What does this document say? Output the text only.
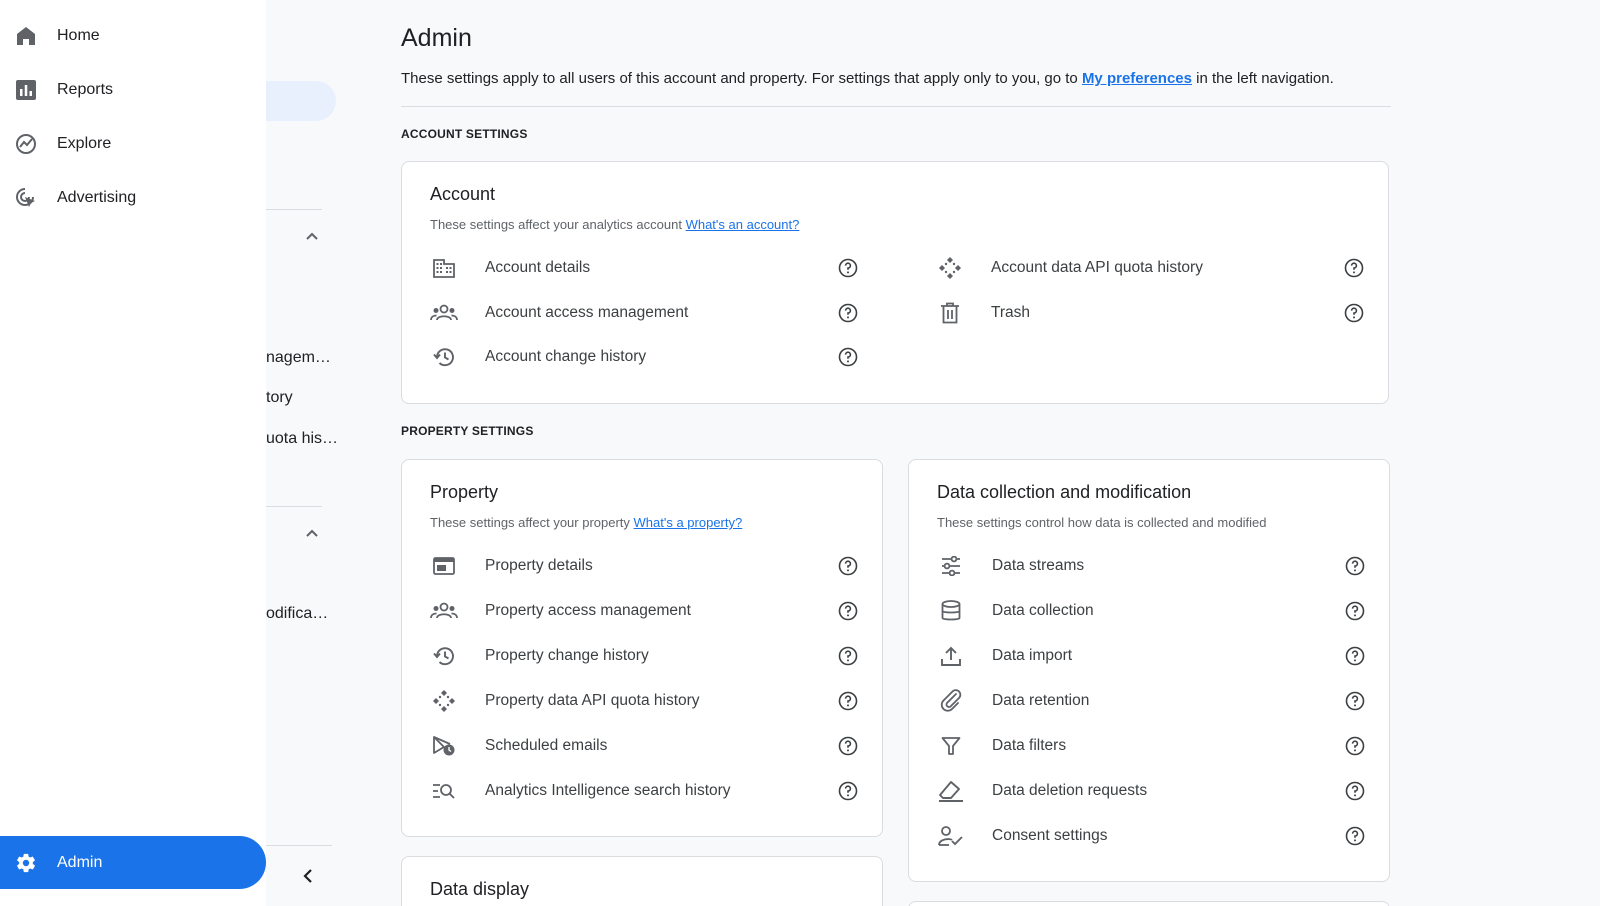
nagem…
tory
uota his…
odifica…
Home
Reports
Explore
Advertising
Admin
Admin

These settings apply to all users of this account and property. For settings that apply only to you, go to My preferences in the left navigation.

ACCOUNT SETTINGS
Account
These settings affect your analytics account What's an account?
Account details
Account access management
Account change history
Account data API quota history
Trash
PROPERTY SETTINGS
Property
These settings affect your property What's a property?
Property details
Property access management
Property change history
Property data API quota history
Scheduled emails
Analytics Intelligence search history
Data collection and modification
These settings control how data is collected and modified
Data streams
Data collection
Data import
Data retention
Data filters
Data deletion requests
Consent settings
Data display
